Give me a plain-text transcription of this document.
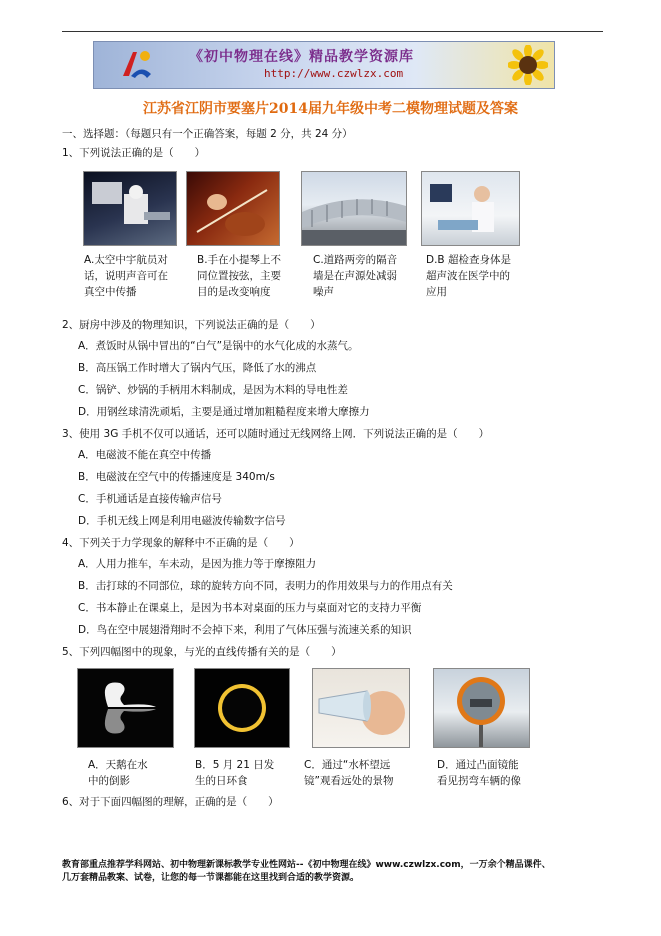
《初中物理在线》精品教学资源库
http://www.czwlzx.com
江苏省江阴市要塞片2014届九年级中考二模物理试题及答案
一、选择题：（每题只有一个正确答案，每题 2 分，共 24 分）
1、下列说法正确的是（　　）
A.太空中宇航员对
话，说明声音可在
真空中传播
B.手在小提琴上不
同位置按弦，主要
目的是改变响度
C.道路两旁的隔音
墙是在声源处减弱
噪声
D.B 超检查身体是
超声波在医学中的
应用
2、厨房中涉及的物理知识，下列说法正确的是（　　）
A．煮饭时从锅中冒出的“白气”是锅中的水气化成的水蒸气。
B．高压锅工作时增大了锅内气压，降低了水的沸点
C．锅铲、炒锅的手柄用木料制成，是因为木料的导电性差
D．用钢丝球清洗顽垢，主要是通过增加粗糙程度来增大摩擦力
3、使用 3G 手机不仅可以通话，还可以随时通过无线网络上网．下列说法正确的是（　　）
A．电磁波不能在真空中传播
B．电磁波在空气中的传播速度是 340m/s
C．手机通话是直接传输声信号
D．手机无线上网是利用电磁波传输数字信号
4、下列关于力学现象的解释中不正确的是（　　）
A．人用力推车，车未动，是因为推力等于摩擦阻力
B．击打球的不同部位，球的旋转方向不同，表明力的作用效果与力的作用点有关
C．书本静止在课桌上，是因为书本对桌面的压力与桌面对它的支持力平衡
D．鸟在空中展翅滑翔时不会掉下来，利用了气体压强与流速关系的知识
5、下列四幅图中的现象，与光的直线传播有关的是（　　）
A．天鹅在水
中的倒影
B．5 月 21 日发
生的日环食
C．通过“水杯望远
镜”观看远处的景物
D．通过凸面镜能
看见拐弯车辆的像
6、对于下面四幅图的理解，正确的是（　　）
教育部重点推荐学科网站、初中物理新课标教学专业性网站--《初中物理在线》www.czwlzx.com，一万余个精品课件、
几万套精品教案、试卷，让您的每一节课都能在这里找到合适的教学资源。
